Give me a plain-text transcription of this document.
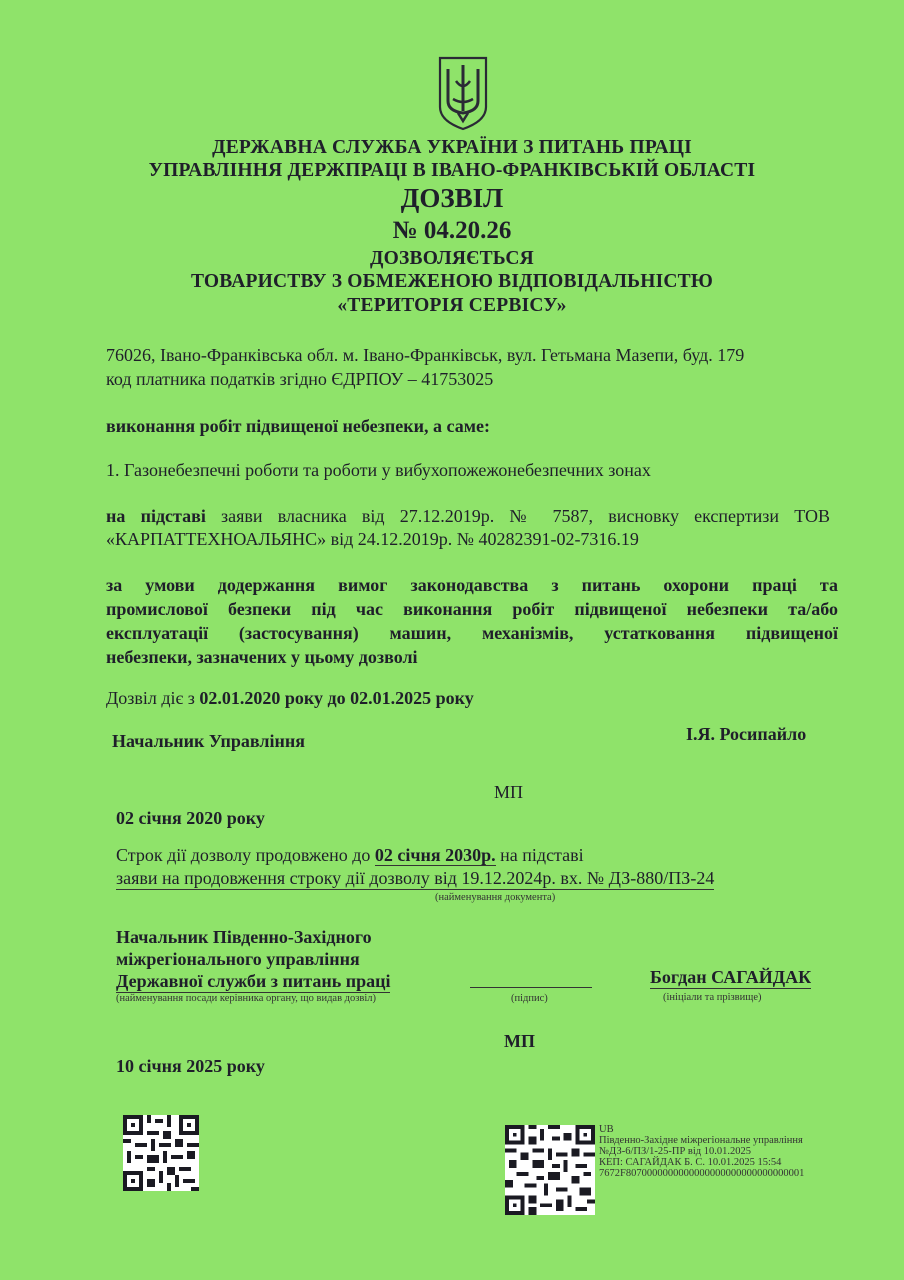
ДЕРЖАВНА СЛУЖБА УКРАЇНИ З ПИТАНЬ ПРАЦІ
УПРАВЛІННЯ ДЕРЖПРАЦІ В ІВАНО-ФРАНКІВСЬКІЙ ОБЛАСТІ
ДОЗВІЛ
№ 04.20.26
ДОЗВОЛЯЄТЬСЯ
ТОВАРИСТВУ З ОБМЕЖЕНОЮ ВІДПОВІДАЛЬНІСТЮ
«ТЕРИТОРІЯ СЕРВІСУ»
76026, Івано-Франківська обл. м. Івано-Франківськ, вул. Гетьмана Мазепи, буд. 179
код платника податків згідно ЄДРПОУ – 41753025
виконання робіт підвищеної небезпеки, а саме:
1. Газонебезпечні роботи та роботи у вибухопожежонебезпечних зонах
на підставі заяви власника від 27.12.2019р. № 7587, висновку експертизи ТОВ
«КАРПАТТЕХНОАЛЬЯНС» від 24.12.2019р. № 40282391-02-7316.19
за умови додержання вимог законодавства з питань охорони праці та
промислової безпеки під час виконання робіт підвищеної небезпеки та/або
експлуатації (застосування) машин, механізмів, устатковання підвищеної
небезпеки, зазначених у цьому дозволі
Дозвіл діє з 02.01.2020 року до 02.01.2025 року
Начальник Управління	І.Я. Росипайло
МП
02 січня 2020 року
Строк дії дозволу продовжено до 02 січня 2030р. на підставі
заяви на продовження строку дії дозволу від 19.12.2024р. вх. № ДЗ-880/ПЗ-24
(найменування документа)
Начальник Південно-Західного
міжрегіонального управління
Державної служби з питань праці
(найменування посади керівника органу, що видав дозвіл)	(підпис)
Богдан САГАЙДАК
(ініціали та прізвище)
МП
10 січня 2025 року
UB
Південно-Західне міжрегіональне управління
№ДЗ-6/ПЗ/1-25-ПР від 10.01.2025
КЕП: САГАЙДАК Б. С. 10.01.2025 15:54
7672F8070000000000000000000000000000001
